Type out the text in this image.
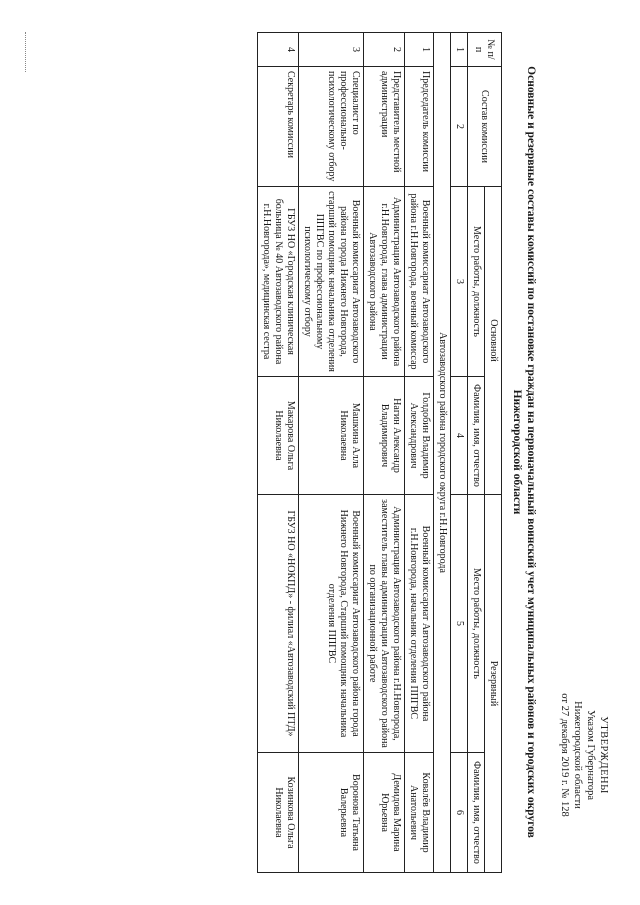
УТВЕРЖДЕНЫ
Указом Губернатора
Нижегородской области
от 27 декабря 2019 г. № 128
Основные и резервные составы комиссий по постановке граждан на первоначальный воинский учет муниципальных районов и городских округов Нижегородской области
№ п/п	Состав комиссии	Основной		Резервный	
		Место работы, должность	Фамилия, имя, отчество	Место работы, должность	Фамилия, имя, отчество
1	2	3	4	5	6
Автозаводского района городского округа г.Н.Новгорода					
1	Председатель комиссии	Военный комиссариат Автозаводского района г.Н.Новгорода, военный комиссар	Голдобин Владимир Александрович	Военный комиссариат Автозаводского района г.Н.Новгорода, начальник отделения ППГВС	Ковалёв Владимир Анатольевич
2	Представитель местной администрации	Администрация Автозаводского района г.Н.Новгорода, глава администрации Автозаводского района	Нагин Александр Владимирович	Администрация Автозаводского района г.Н.Новгорода, заместитель главы администрации Автозаводского района по организационной работе	Демидова Марина Юрьевна
3	Специалист по профессионально-психологическому отбору	Военный комиссариат Автозаводского района города Нижнего Новгорода, старший помощник начальника отделения ППГВС по профессиональному психологическому отбору	Машкина Алла Николаевна	Военный комиссариат Автозаводского района города Нижнего Новгорода, Старший помощник начальника отделения ППГВС	Воронова Татьяна Валерьевна
4	Секретарь комиссии	ГБУЗ НО «Городская клиническая больница № 40 Автозаводского района г.Н.Новгорода», медицинская сестра	Макарова Ольга Николаевна	ГБУЗ НО «НОКПД» - филиал «Автозаводский ПТД»	Козинкова Ольга Николаевна
